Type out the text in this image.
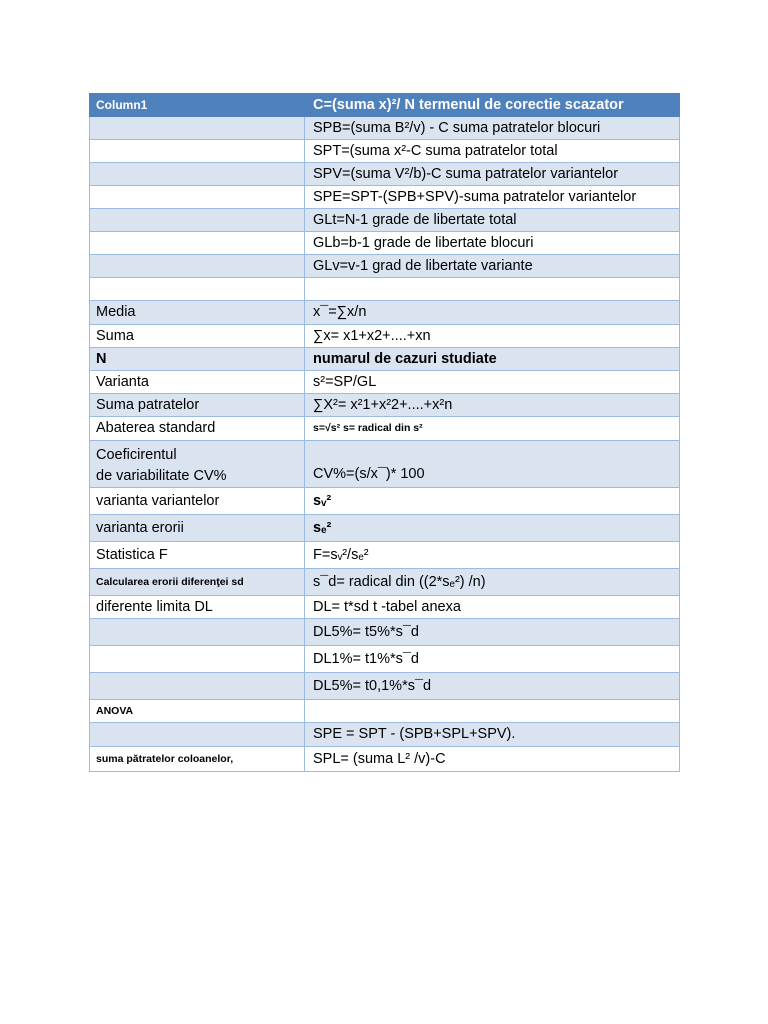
Column1	C=(suma x)²/ N termenul de corectie scazator
	SPB=(suma B²/v) - C suma patratelor blocuri
	SPT=(suma x²-C suma patratelor total
	SPV=(suma V²/b)-C suma patratelor variantelor
	SPE=SPT-(SPB+SPV)-suma patratelor variantelor
	GLt=N-1 grade de libertate total
	GLb=b-1 grade de libertate blocuri
	GLv=v-1 grad de libertate variante

Media	x¯=∑x/n
Suma	∑x= x1+x2+....+xn
N	numarul de cazuri studiate
Varianta	s²=SP/GL
Suma patratelor	∑X²= x²1+x²2+....+x²n
Abaterea standard	s=√s² s= radical din s²
Coeficirentul
de variabilitate CV%	CV%=(s/x¯)* 100
varianta variantelor	sᵥ²
varianta erorii	sₑ²
Statistica F	F=sᵥ²/sₑ²
Calcularea erorii diferenţei sd	s¯d= radical din ((2*sₑ²) /n)
diferente limita DL	DL= t*sd t -tabel anexa
	DL5%= t5%*s¯d
	DL1%= t1%*s¯d
	DL5%= t0,1%*s¯d
ANOVA	
	SPE = SPT - (SPB+SPL+SPV).
suma pătratelor coloanelor,	SPL= (suma L² /v)-C
